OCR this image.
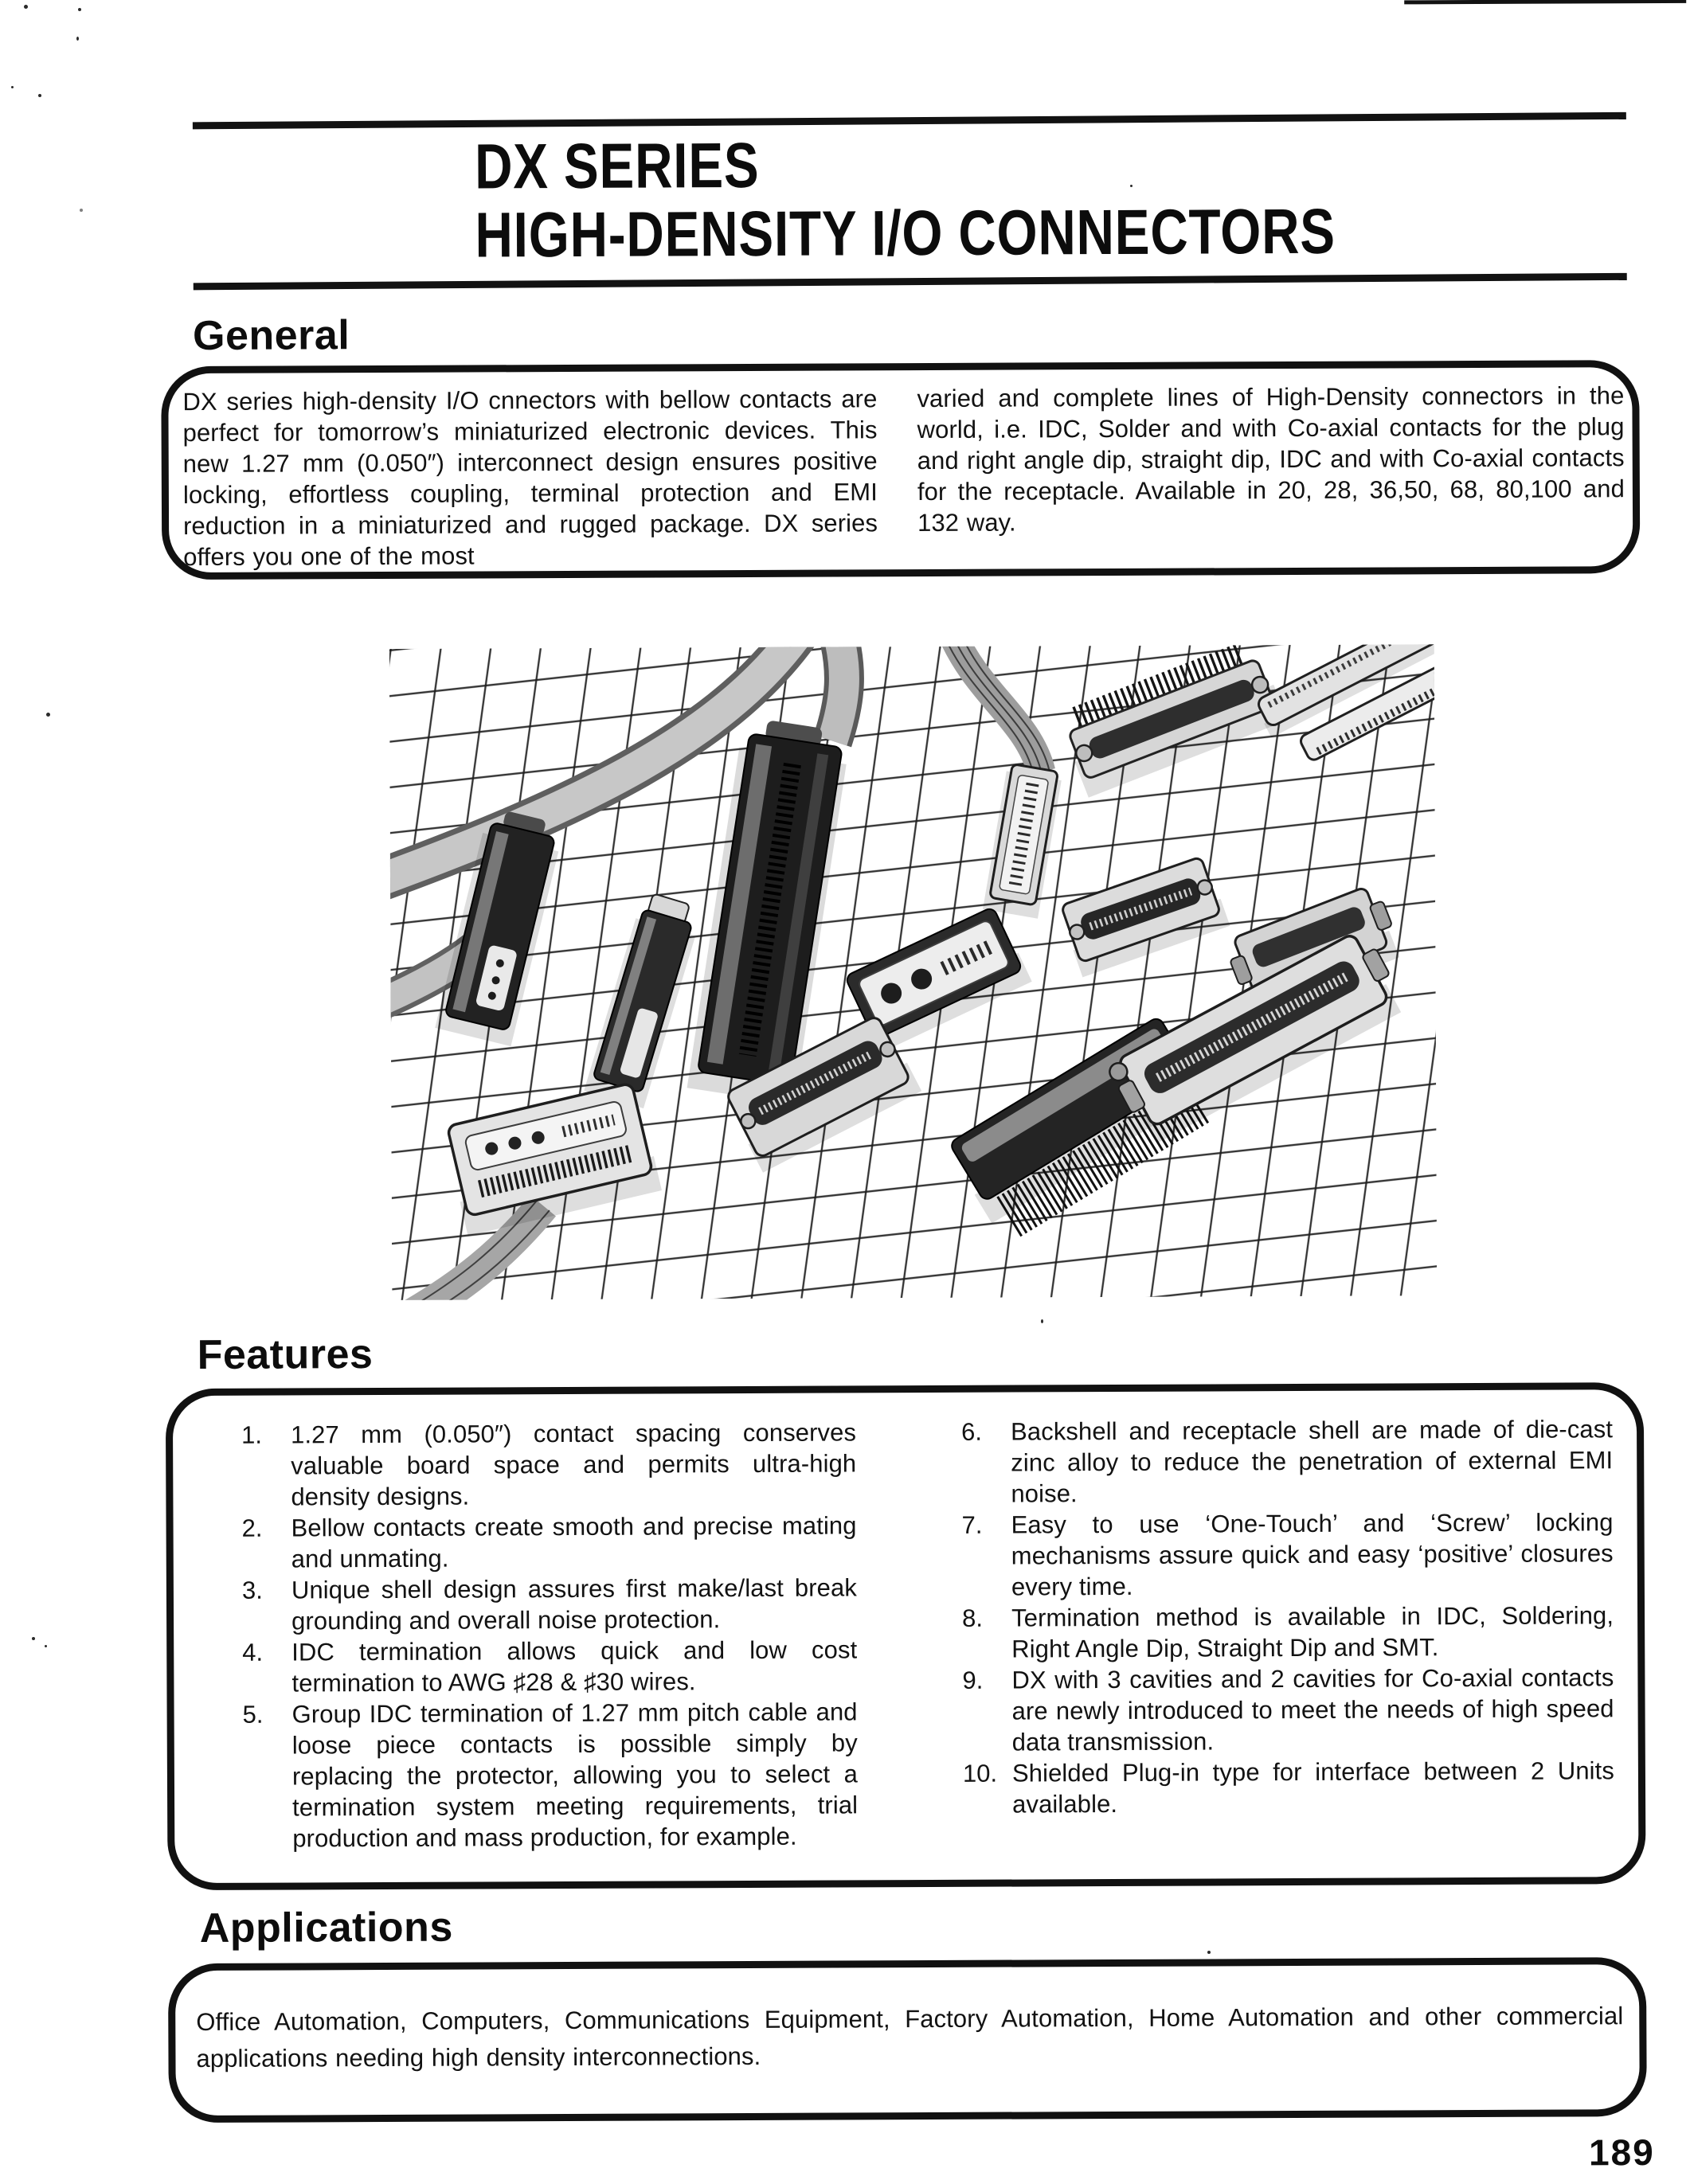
DX SERIES
HIGH-DENSITY I/O CONNECTORS
General
DX series high-density I/O cnnectors with bellow contacts are perfect for tomorrow’s miniaturized electronic devices. This new 1.27 mm (0.050″) interconnect design ensures positive locking, effortless coupling, terminal protection and EMI reduction in a miniaturized and rugged package. DX series offers you one of the most
varied and complete lines of High-Density connectors in the world, i.e. IDC, Solder and with Co-axial contacts for the plug and right angle dip, straight dip, IDC and with Co-axial contacts for the receptacle. Available in 20, 28, 36,50, 68, 80,100 and 132 way.
Features
1.	1.27 mm (0.050″) contact spacing conserves valuable board space and permits ultra-high density designs.
2.	Bellow contacts create smooth and precise mating and unmating.
3.	Unique shell design assures first make/last break grounding and overall noise protection.
4.	IDC termination allows quick and low cost termination to AWG ♯28 & ♯30 wires.
5.	Group IDC termination of 1.27 mm pitch cable and loose piece contacts is possible simply by replacing the protector, allowing you to select a termination system meeting requirements, trial production and mass production, for example.
6.	Backshell and receptacle shell are made of die-cast zinc alloy to reduce the penetration of external EMI noise.
7.	Easy to use ‘One-Touch’ and ‘Screw’ locking mechanisms assure quick and easy ‘positive’ closures every time.
8.	Termination method is available in IDC, Soldering, Right Angle Dip, Straight Dip and SMT.
9.	DX with 3 cavities and 2 cavities for Co-axial contacts are newly introduced to meet the needs of high speed data transmission.
10. Shielded Plug-in type for interface between 2 Units available.
Applications
Office Automation, Computers, Communications Equipment, Factory Automation, Home Automation and other commercial applications needing high density interconnections.
189
